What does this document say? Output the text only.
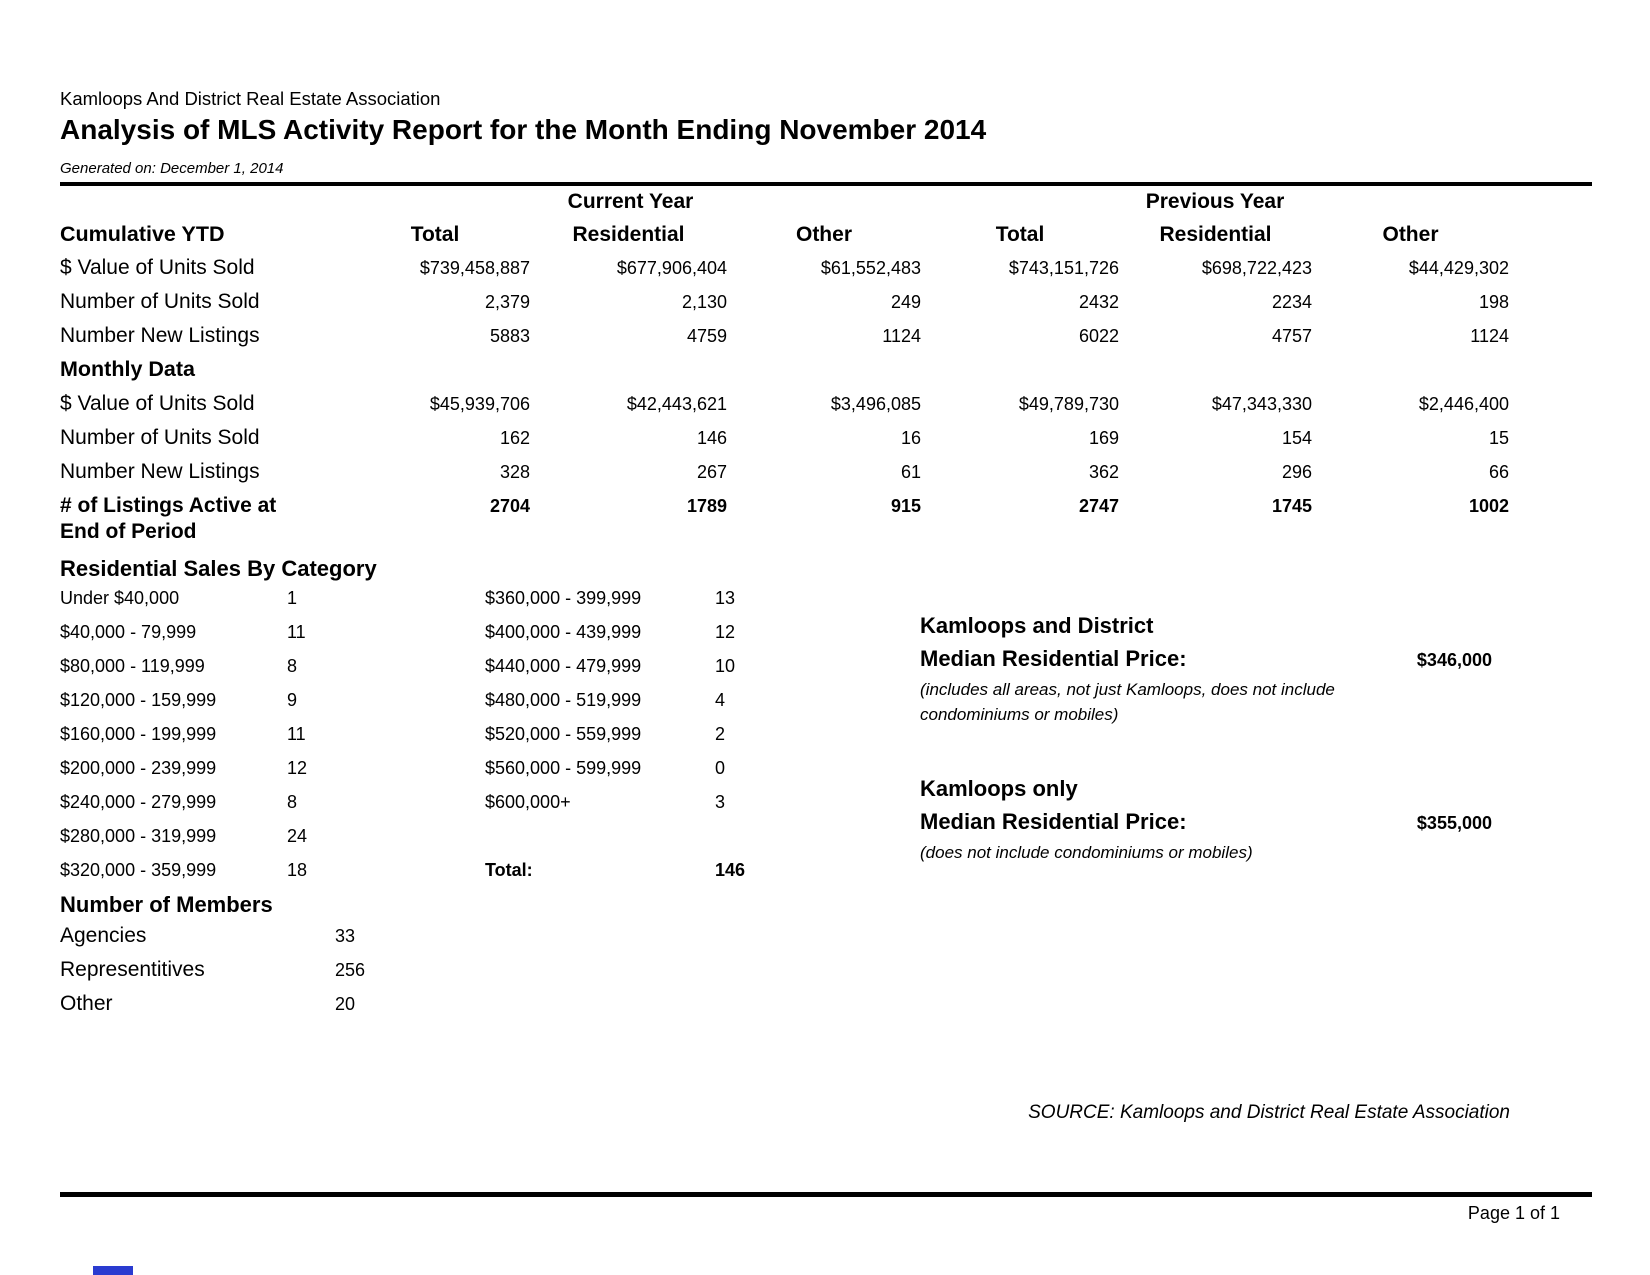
Kamloops And District Real Estate Association
Analysis of MLS Activity Report for the Month Ending November 2014
Generated on: December 1, 2014
Current Year	Previous Year
Cumulative YTD	Total	Residential	Other	Total	Residential	Other
$ Value of Units Sold	$739,458,887	$677,906,404	$61,552,483	$743,151,726	$698,722,423	$44,429,302
Number of Units Sold	2,379	2,130	249	2432	2234	198
Number New Listings	5883	4759	1124	6022	4757	1124
Monthly Data
$ Value of Units Sold	$45,939,706	$42,443,621	$3,496,085	$49,789,730	$47,343,330	$2,446,400
Number of Units Sold	162	146	16	169	154	15
Number New Listings	328	267	61	362	296	66
# of Listings Active at End of Period
2704	1789	915	2747	1745	1002
Residential Sales By Category
Under $40,000	1	$360,000 - 399,999	13
$40,000 - 79,999	11	$400,000 - 439,999	12
$80,000 - 119,999	8	$440,000 - 479,999	10
$120,000 - 159,999	9	$480,000 - 519,999	4
$160,000 - 199,999	11	$520,000 - 559,999	2
$200,000 - 239,999	12	$560,000 - 599,999	0
$240,000 - 279,999	8	$600,000+	3
$280,000 - 319,999	24
$320,000 - 359,999	18	Total:	146
Kamloops and District
Median Residential Price:	$346,000
(includes all areas, not just Kamloops, does not include condominiums or mobiles)
Kamloops only
Median Residential Price:	$355,000
(does not include condominiums or mobiles)
Number of Members
Agencies	33
Representitives	256
Other	20
SOURCE: Kamloops and District Real Estate Association
Page 1 of 1
